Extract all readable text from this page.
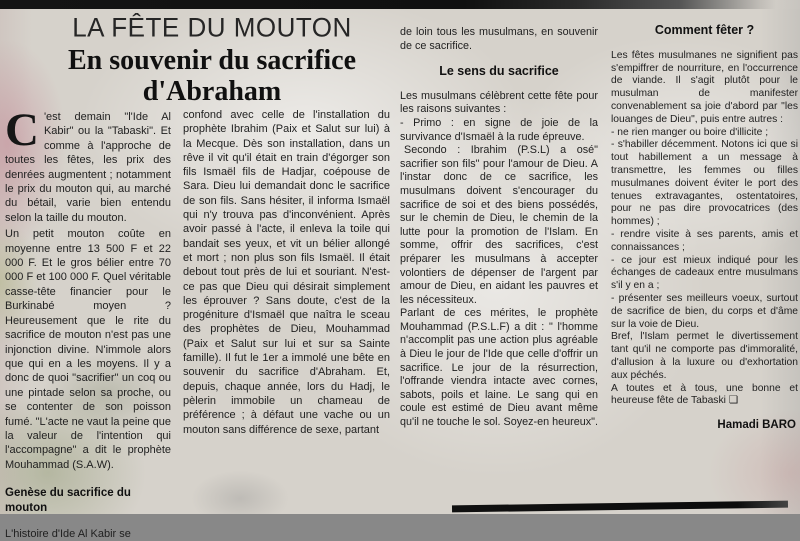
LA FÊTE DU MOUTON
En souvenir du sacrifice d'Abraham

C 'est demain "l'Ide Al Kabir" ou la "Tabaski". Et comme à l'approche de toutes les fêtes, les prix des denrées augmentent ; notamment le prix du mouton qui, au marché du bétail, varie bien entendu selon la taille du mouton.

Un petit mouton coûte en moyenne entre 13 500 F et 22 000 F. Et le gros bélier entre 70 000 F et 100 000 F. Quel véritable casse-tête financier pour le Burkinabé moyen ? Heureusement que le rite du sacrifice de mouton n'est pas une injonction divine. N'immole alors que qui en a les moyens. Il y a donc de quoi "sacrifier" un coq ou une pintade selon sa proche, ou se contenter de son poisson fumé. "L'acte ne vaut la peine que la valeur de l'intention qui l'accompagne" a dit le prophète Mouhammad (S.A.W).

Genèse du sacrifice du mouton

L'histoire d'Ide Al Kabir se

confond avec celle de l'installation du prophète Ibrahim (Paix et Salut sur lui) à la Mecque. Dès son installation, dans un rêve il vit qu'il était en train d'égorger son fils Ismaël fils de Hadjar, coépouse de Sara. Dieu lui demandait donc le sacrifice de son fils. Sans hésiter, il informa Ismaël qui n'y trouva pas d'inconvénient. Après avoir passé à l'acte, il enleva la toile qui bandait ses yeux, et vit un bélier allongé et mort ; non plus son fils Ismaël. Il était debout tout près de lui et souriant. N'est-ce pas que Dieu qui désirait simplement les éprouver ? Sans doute, c'est de la progéniture d'Ismaël que naîtra le sceau des prophètes de Dieu, Mouhammad (Paix et Salut sur lui et sur sa Sainte famille). Il fut le 1er a immolé une bête en souvenir du sacrifice d'Abraham. Et, depuis, chaque année, lors du Hadj, le pèlerin immobile un chameau de préférence ; à défaut une vache ou un mouton sans différence de sexe, partant

de loin tous les musulmans, en souvenir de ce sacrifice.

Le sens du sacrifice

Les musulmans célèbrent cette fête pour les raisons suivantes :

- Primo : en signe de joie de la survivance d'Ismaël à la rude épreuve.

Secondo : Ibrahim (P.S.L) a osé" sacrifier son fils" pour l'amour de Dieu. A l'instar donc de ce sacrifice, les musulmans doivent s'encourager du sacrifice de soi et des biens possédés, sur le chemin de Dieu, le chemin de la lutte pour la promotion de l'Islam. En somme, offrir des sacrifices, c'est préparer les musulmans à accepter volontiers de dépenser de l'argent par amour de Dieu, en aidant les pauvres et les nécessiteux.

Parlant de ces mérites, le prophète Mouhammad (P.S.L.F) a dit : " l'homme n'accomplit pas une action plus agréable à Dieu le jour de l'Ide que celle d'offrir un sacrifice. Le jour de la résurrection, l'offrande viendra intacte avec cornes, sabots, poils et laine. Le sang qui en coule est estimé de Dieu avant même qu'il ne touche le sol. Soyez-en heureux".

Comment fêter ?

Les fêtes musulmanes ne signifient pas s'empiffrer de nourriture, en l'occurrence de viande. Il s'agit plutôt pour le musulman de manifester convenablement sa joie d'abord par "les louanges de Dieu", puis entre autres :

- ne rien manger ou boire d'illicite ;

- s'habiller décemment. Notons ici que si tout habillement a un message à transmettre, les femmes ou filles musulmanes doivent éviter le port des tenues extravagantes, ostentatoires, pour ne pas dire provocatrices (des hommes) ;

- rendre visite à ses parents, amis et connaissances ;

- ce jour est mieux indiqué pour les échanges de cadeaux entre musulmans s'il y en a ;

- présenter ses meilleurs voeux, surtout de sacrifice de bien, du corps et d'âme sur la voie de Dieu.

Bref, l'Islam permet le divertissement tant qu'il ne comporte pas d'immoralité, d'allusion à la luxure ou d'exhortation aux péchés.

A toutes et à tous, une bonne et heureuse fête de Tabaski ❏

Hamadi BARO
